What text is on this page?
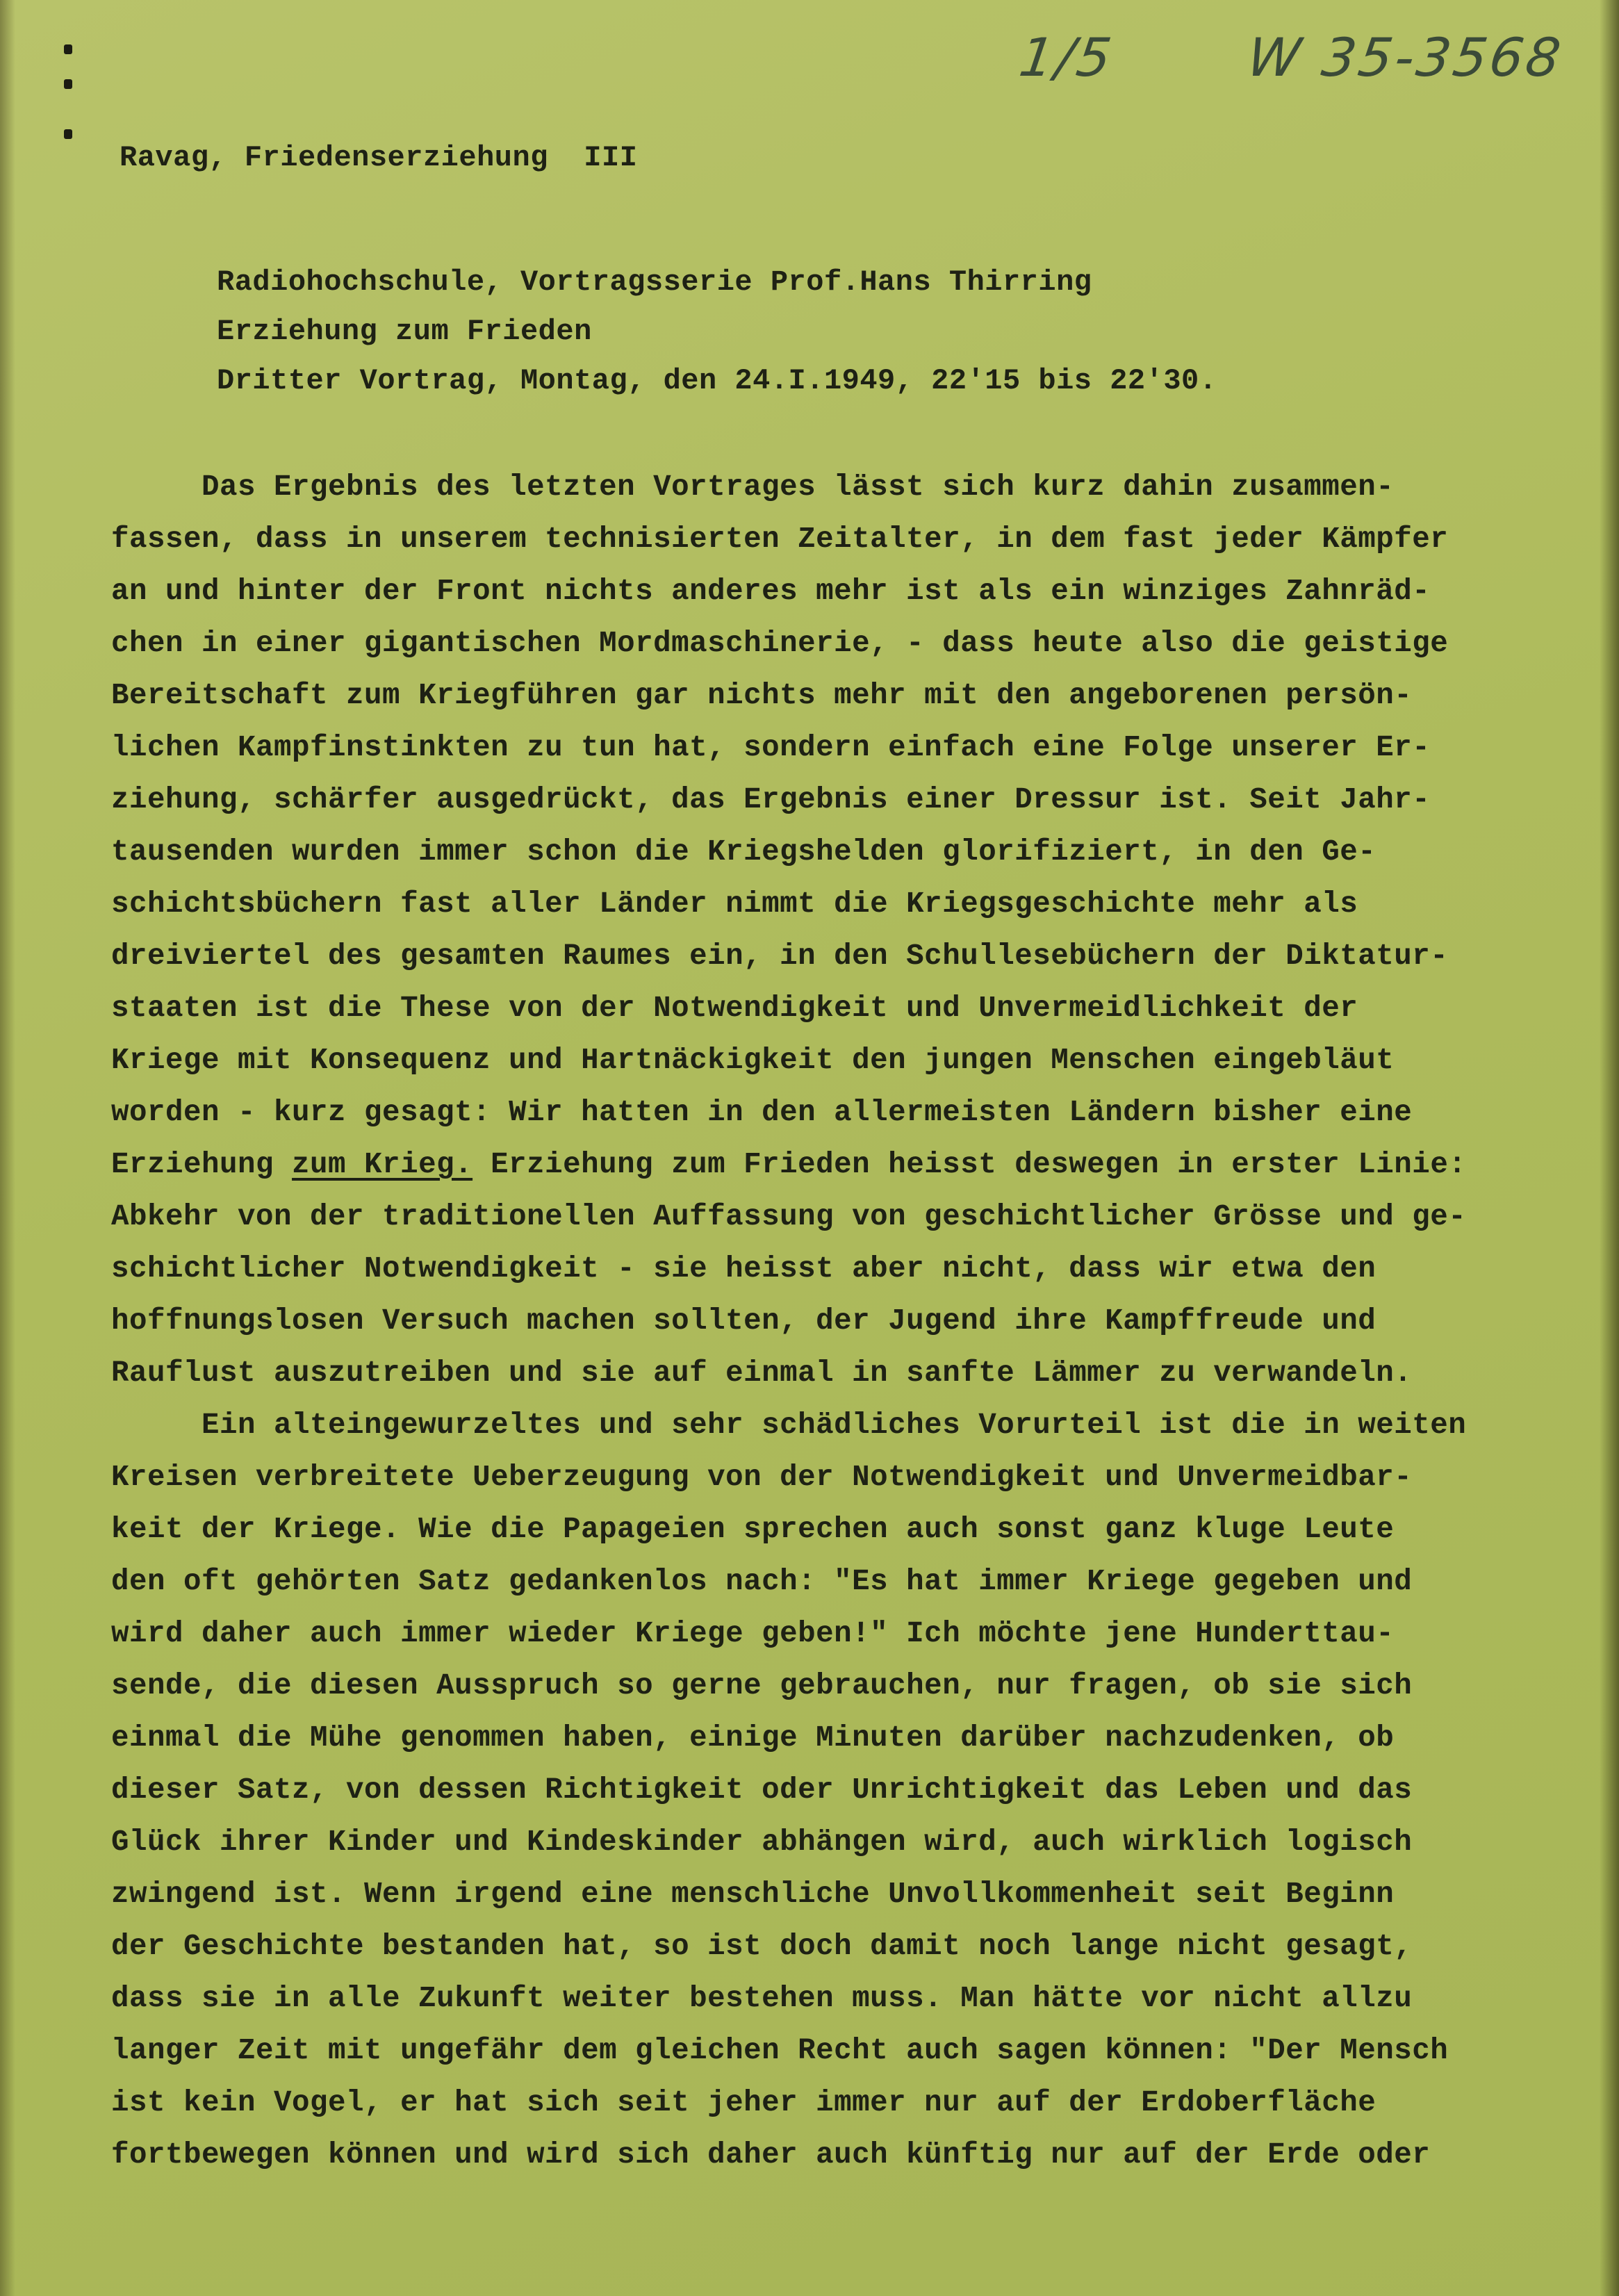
1/5 W 35-3568
Ravag, Friedenserziehung  III
Radiohochschule, Vortragsserie Prof.Hans Thirring
Erziehung zum Frieden
Dritter Vortrag, Montag, den 24.I.1949, 22'15 bis 22'30.
Das Ergebnis des letzten Vortrages lässt sich kurz dahin zusammen-
fassen, dass in unserem technisierten Zeitalter, in dem fast jeder Kämpfer
an und hinter der Front nichts anderes mehr ist als ein winziges Zahnräd-
chen in einer gigantischen Mordmaschinerie, - dass heute also die geistige
Bereitschaft zum Kriegführen gar nichts mehr mit den angeborenen persön-
lichen Kampfinstinkten zu tun hat, sondern einfach eine Folge unserer Er-
ziehung, schärfer ausgedrückt, das Ergebnis einer Dressur ist. Seit Jahr-
tausenden wurden immer schon die Kriegshelden glorifiziert, in den Ge-
schichtsbüchern fast aller Länder nimmt die Kriegsgeschichte mehr als
dreiviertel des gesamten Raumes ein, in den Schullesebüchern der Diktatur-
staaten ist die These von der Notwendigkeit und Unvermeidlichkeit der
Kriege mit Konsequenz und Hartnäckigkeit den jungen Menschen eingebläut
worden - kurz gesagt: Wir hatten in den allermeisten Ländern bisher eine
Erziehung zum Krieg. Erziehung zum Frieden heisst deswegen in erster Linie:
Abkehr von der traditionellen Auffassung von geschichtlicher Grösse und ge-
schichtlicher Notwendigkeit - sie heisst aber nicht, dass wir etwa den
hoffnungslosen Versuch machen sollten, der Jugend ihre Kampffreude und
Rauflust auszutreiben und sie auf einmal in sanfte Lämmer zu verwandeln.
Ein alteingewurzeltes und sehr schädliches Vorurteil ist die in weiten
Kreisen verbreitete Ueberzeugung von der Notwendigkeit und Unvermeidbar-
keit der Kriege. Wie die Papageien sprechen auch sonst ganz kluge Leute
den oft gehörten Satz gedankenlos nach: "Es hat immer Kriege gegeben und
wird daher auch immer wieder Kriege geben!" Ich möchte jene Hunderttau-
sende, die diesen Ausspruch so gerne gebrauchen, nur fragen, ob sie sich
einmal die Mühe genommen haben, einige Minuten darüber nachzudenken, ob
dieser Satz, von dessen Richtigkeit oder Unrichtigkeit das Leben und das
Glück ihrer Kinder und Kindeskinder abhängen wird, auch wirklich logisch
zwingend ist. Wenn irgend eine menschliche Unvollkommenheit seit Beginn
der Geschichte bestanden hat, so ist doch damit noch lange nicht gesagt,
dass sie in alle Zukunft weiter bestehen muss. Man hätte vor nicht allzu
langer Zeit mit ungefähr dem gleichen Recht auch sagen können: "Der Mensch
ist kein Vogel, er hat sich seit jeher immer nur auf der Erdoberfläche
fortbewegen können und wird sich daher auch künftig nur auf der Erde oder
